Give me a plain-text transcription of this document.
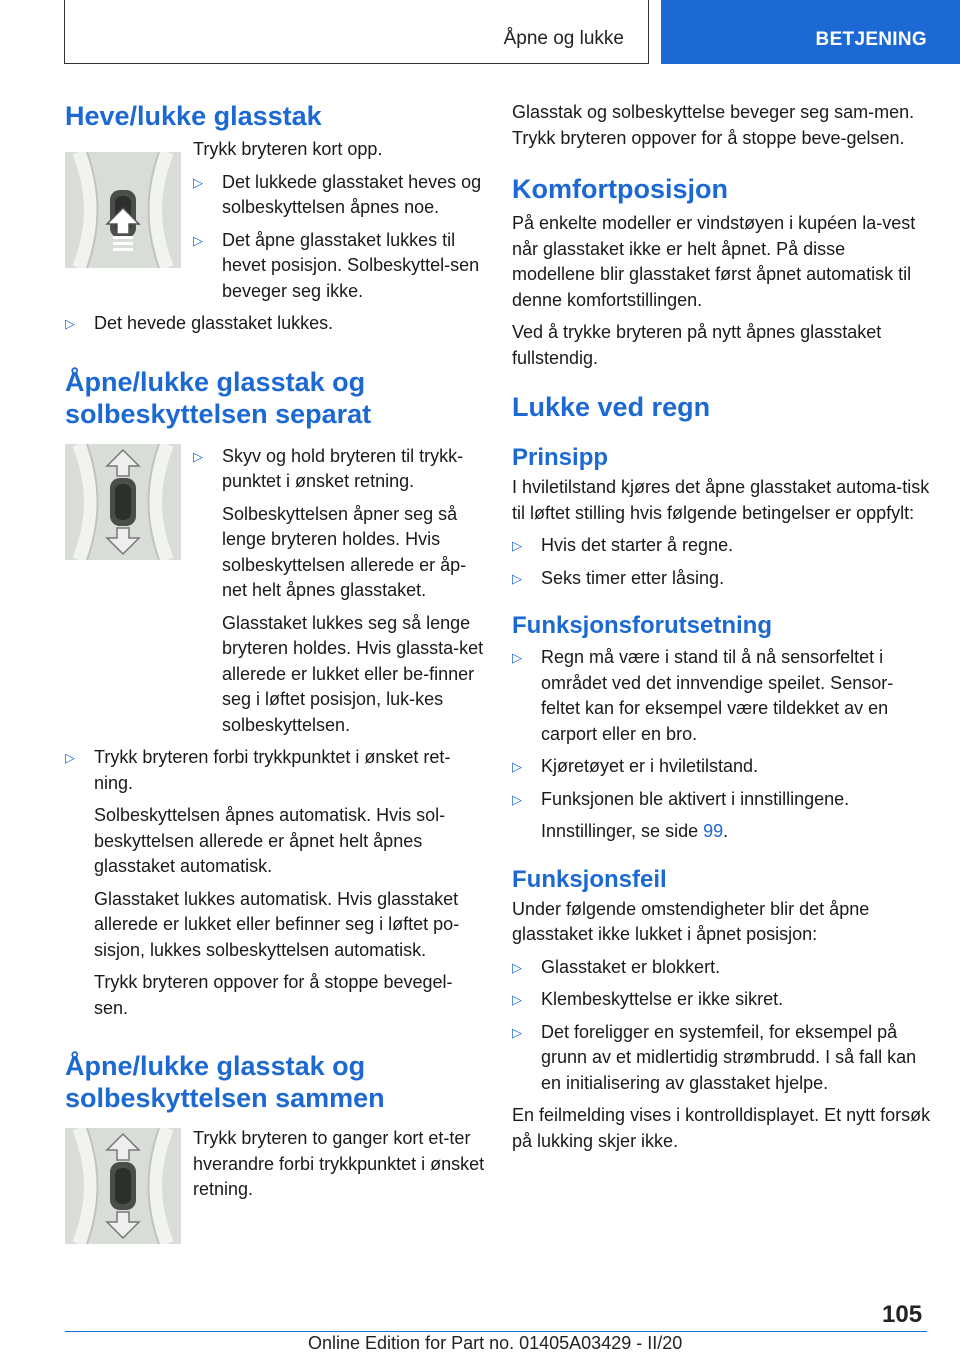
Åpne og lukke	BETJENING
Heve/lukke glasstak

Trykk bryteren kort opp.

▷ Det lukkede glasstaket heves og solbeskyttelsen åpnes noe.
▷ Det åpne glasstaket lukkes til hevet posisjon. Solbeskyttel-sen beveger seg ikke.
▷ Det hevede glasstaket lukkes.
Åpne/lukke glasstak og solbeskyttelsen separat
▷ Skyv og hold bryteren til trykk-punktet i ønsket retning.

Solbeskyttelsen åpner seg så lenge bryteren holdes. Hvis solbeskyttelsen allerede er åp-net helt åpnes glasstaket.

Glasstaket lukkes seg så lenge bryteren holdes. Hvis glassta-ket allerede er lukket eller be-finner seg i løftet posisjon, luk-kes solbeskyttelsen.

▷ Trykk bryteren forbi trykkpunktet i ønsket ret-ning.

Solbeskyttelsen åpnes automatisk. Hvis sol-beskyttelsen allerede er åpnet helt åpnes glasstaket automatisk.

Glasstaket lukkes automatisk. Hvis glasstaket allerede er lukket eller befinner seg i løftet po-sisjon, lukkes solbeskyttelsen automatisk.

Trykk bryteren oppover for å stoppe bevegel-sen.

Åpne/lukke glasstak og solbeskyttelsen sammen

Trykk bryteren to ganger kort et-ter hverandre forbi trykkpunktet i ønsket retning.

Glasstak og solbeskyttelse beveger seg sam-men. Trykk bryteren oppover for å stoppe beve-gelsen.

Komfortposisjon

På enkelte modeller er vindstøyen i kupéen la-vest når glasstaket ikke er helt åpnet. På disse modellene blir glasstaket først åpnet automatisk til denne komfortstillingen.

Ved å trykke bryteren på nytt åpnes glasstaket fullstendig.

Lukke ved regn
Prinsipp

I hviletilstand kjøres det åpne glasstaket automa-tisk til løftet stilling hvis følgende betingelser er oppfylt:

▷ Hvis det starter å regne.
▷ Seks timer etter låsing.
Funksjonsforutsetning
▷ Regn må være i stand til å nå sensorfeltet i området ved det innvendige speilet. Sensor-feltet kan for eksempel være tildekket av en carport eller en bro.
▷ Kjøretøyet er i hviletilstand.
▷ Funksjonen ble aktivert i innstillingene.

Innstillinger, se side 99.

Funksjonsfeil

Under følgende omstendigheter blir det åpne glasstaket ikke lukket i åpnet posisjon:

▷ Glasstaket er blokkert.
▷ Klembeskyttelse er ikke sikret.
▷ Det foreligger en systemfeil, for eksempel på grunn av et midlertidig strømbrudd. I så fall kan en initialisering av glasstaket hjelpe.

En feilmelding vises i kontrolldisplayet. Et nytt forsøk på lukking skjer ikke.

105
Online Edition for Part no. 01405A03429 - II/20
